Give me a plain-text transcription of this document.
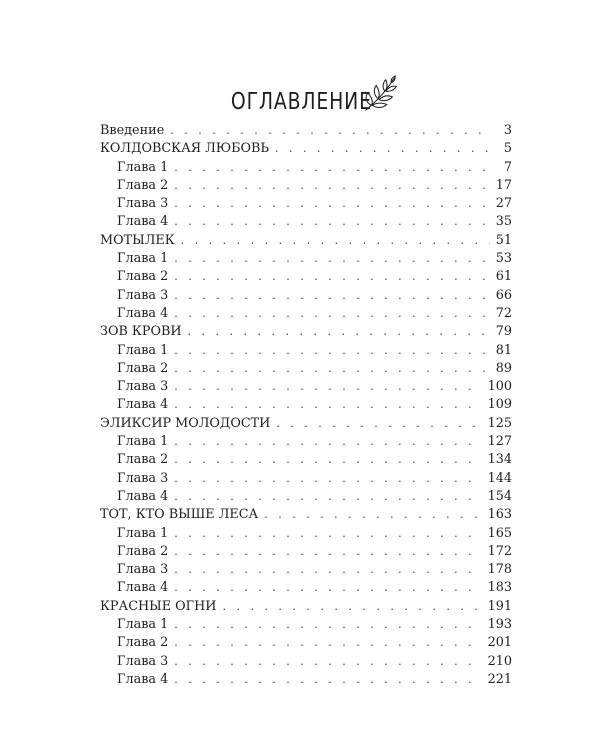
ОГЛАВЛЕНИЕ
Введение . . .	3
КОЛДОВСКАЯ ЛЮБОВЬ . . .	5
Глава 1 . . .	7
Глава 2 . . .	17
Глава 3 . . .	27
Глава 4 . . .	35
МОТЫЛЕК . . .	51
Глава 1 . . .	53
Глава 2 . . .	61
Глава 3 . . .	66
Глава 4 . . .	72
ЗОВ КРОВИ . . .	79
Глава 1 . . .	81
Глава 2 . . .	89
Глава 3 . . .	100
Глава 4 . . .	109
ЭЛИКСИР МОЛОДОСТИ . . .	125
Глава 1 . . .	127
Глава 2 . . .	134
Глава 3 . . .	144
Глава 4 . . .	154
ТОТ, КТО ВЫШЕ ЛЕСА . . .	163
Глава 1 . . .	165
Глава 2 . . .	172
Глава 3 . . .	178
Глава 4 . . .	183
КРАСНЫЕ ОГНИ . . .	191
Глава 1 . . .	193
Глава 2 . . .	201
Глава 3 . . .	210
Глава 4 . . .	221
